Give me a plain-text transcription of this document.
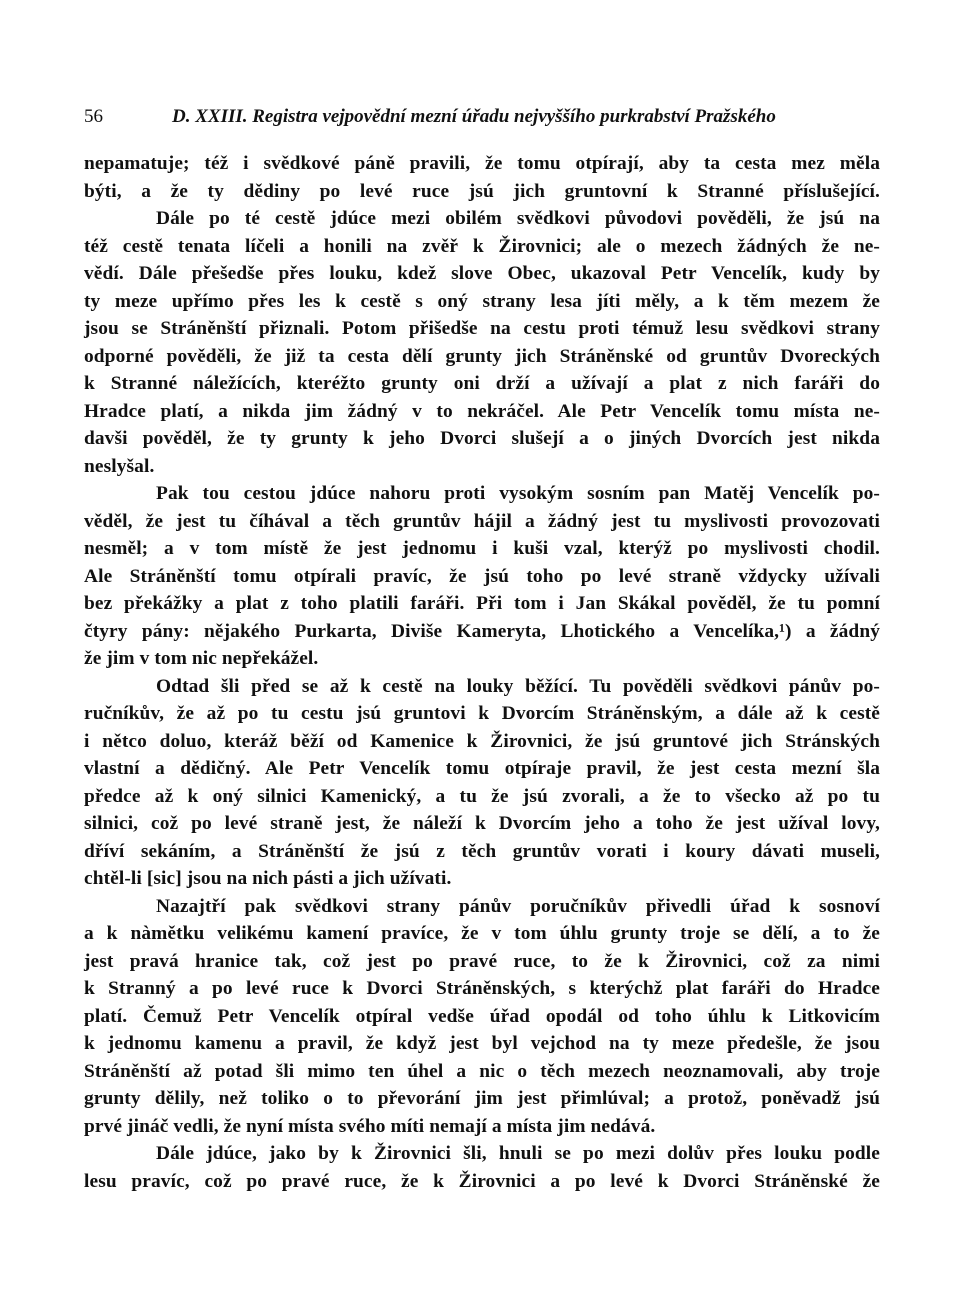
56	D. XXIII. Registra vejpovědní mezní úřadu nejvyššího purkrabství Pražského
nepamatuje; též i svědkové páně pravili, že tomu otpírají, aby ta cesta mez měla
býti, a že ty dědiny po levé ruce jsú jich gruntovní k Stranné příslušející.
Dále po té cestě jdúce mezi obilém svědkovi původovi pověděli, že jsú na
též cestě tenata líčeli a honili na zvěř k Žirovnici; ale o mezech žádných že ne-
vědí. Dále přešedše přes louku, kdež slove Obec, ukazoval Petr Vencelík, kudy by
ty meze upřímo přes les k cestě s oný strany lesa jíti měly, a k těm mezem že
jsou se Stráněnští přiznali. Potom přišedše na cestu proti témuž lesu svědkovi strany
odporné pověděli, že již ta cesta dělí grunty jich Stráněnské od gruntův Dvoreckých
k Stranné náležících, kteréžto grunty oni drží a užívají a plat z nich faráři do
Hradce platí, a nikda jim žádný v to nekráčel. Ale Petr Vencelík tomu místa ne-
davši pověděl, že ty grunty k jeho Dvorci slušejí a o jiných Dvorcích jest nikda
neslyšal.
Pak tou cestou jdúce nahoru proti vysokým sosním pan Matěj Vencelík po-
věděl, že jest tu číhával a těch gruntův hájil a žádný jest tu myslivosti provozovati
nesměl; a v tom místě že jest jednomu i kuši vzal, kterýž po myslivosti chodil.
Ale Stráněnští tomu otpírali pravíc, že jsú toho po levé straně vždycky užívali
bez překážky a plat z toho platili faráři. Při tom i Jan Skákal pověděl, že tu pomní
čtyry pány: nějakého Purkarta, Diviše Kameryta, Lhotického a Vencelíka,¹) a žádný
že jim v tom nic nepřekážel.
Odtad šli před se až k cestě na louky běžící. Tu pověděli svědkovi pánův po-
ručníkův, že až po tu cestu jsú gruntovi k Dvorcím Stráněnským, a dále až k cestě
i nětco doluo, kteráž běží od Kamenice k Žirovnici, že jsú gruntové jich Stránských
vlastní a dědičný. Ale Petr Vencelík tomu otpíraje pravil, že jest cesta mezní šla
předce až k oný silnici Kamenický, a tu že jsú zvorali, a že to všecko až po tu
silnici, což po levé straně jest, že náleží k Dvorcím jeho a toho že jest užíval lovy,
dříví sekáním, a Stráněnští že jsú z těch gruntův vorati i koury dávati museli,
chtěl-li [sic] jsou na nich pásti a jich užívati.
Nazajtří pak svědkovi strany pánův poručníkův přivedli úřad k sosnoví
a k nàmětku velikému kamení pravíce, že v tom úhlu grunty troje se dělí, a to že
jest pravá hranice tak, což jest po pravé ruce, to že k Žirovnici, což za nimi
k Stranný a po levé ruce k Dvorci Stráněnských, s kterýchž plat faráři do Hradce
platí. Čemuž Petr Vencelík otpíral vedše úřad opodál od toho úhlu k Litkovicím
k jednomu kamenu a pravil, že když jest byl vejchod na ty meze předešle, že jsou
Stráněnští až potad šli mimo ten úhel a nic o těch mezech neoznamovali, aby troje
grunty dělily, než toliko o to převorání jim jest přimlúval; a protož, poněvadž jsú
prvé jináč vedli, že nyní místa svého míti nemají a místa jim nedává.
Dále jdúce, jako by k Žirovnici šli, hnuli se po mezi dolův přes louku podle
lesu pravíc, což po pravé ruce, že k Žirovnici a po levé k Dvorci Stráněnské že
